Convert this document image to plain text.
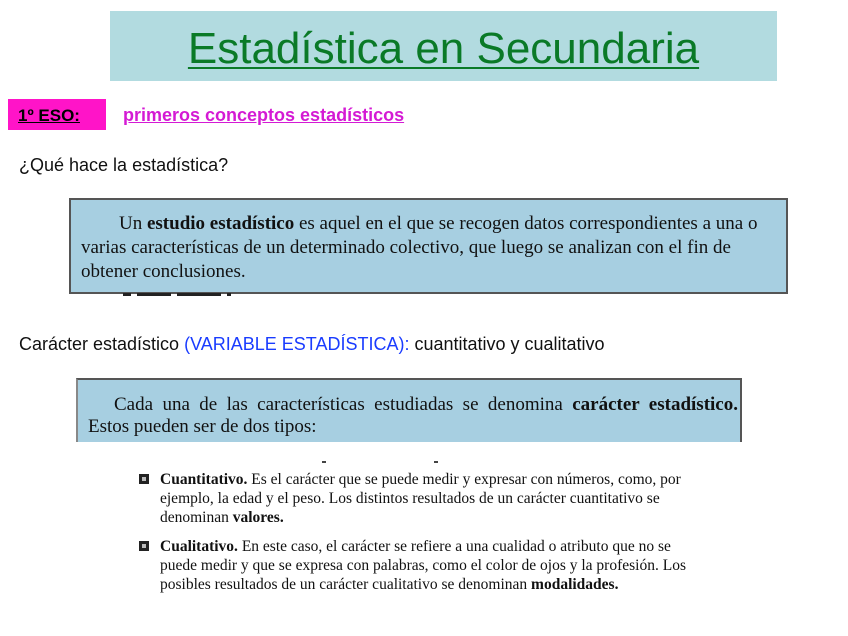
Estadística en Secundaria
1º ESO: primeros conceptos estadísticos
¿Qué hace la estadística?
Un estudio estadístico es aquel en el que se recogen datos correspondientes a una o varias características de un determinado colectivo, que luego se analizan con el fin de obtener conclusiones.
Carácter estadístico (VARIABLE ESTADÍSTICA): cuantitativo y cualitativo
Cada una de las características estudiadas se denomina carácter estadístico. Estos pueden ser de dos tipos:
Cuantitativo. Es el carácter que se puede medir y expresar con números, como, por ejemplo, la edad y el peso. Los distintos resultados de un carácter cuantitativo se denominan valores.
Cualitativo. En este caso, el carácter se refiere a una cualidad o atributo que no se puede medir y que se expresa con palabras, como el color de ojos y la profesión. Los posibles resultados de un carácter cualitativo se denominan modalidades.
